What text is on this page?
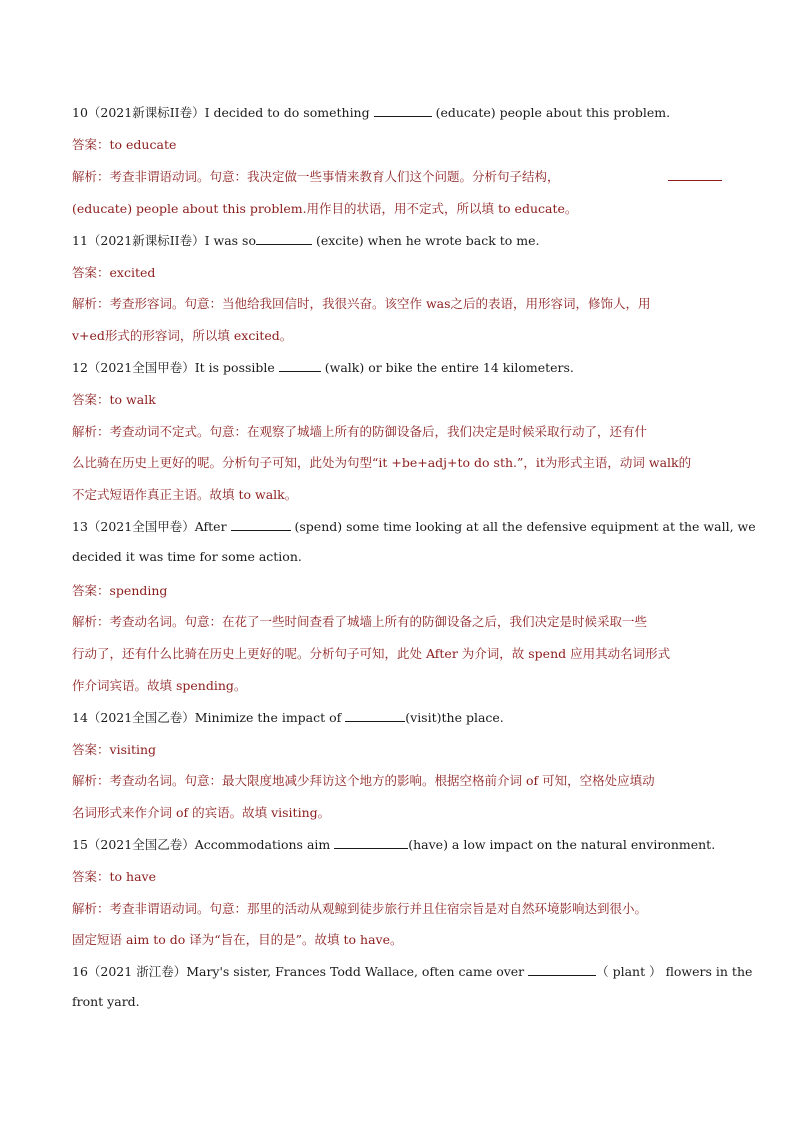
10（2021新课标II卷）I decided to do something	(educate) people about this problem.
答案：to educate
解析：考查非谓语动词。句意：我决定做一些事情来教育人们这个问题。分析句子结构，
(educate) people about this problem.用作目的状语，用不定式，所以填 to educate。
11（2021新课标II卷）I was so	(excite) when he wrote back to me.
答案：excited
解析：考查形容词。句意：当他给我回信时，我很兴奋。该空作 was之后的表语，用形容词，修饰人，用
v+ed形式的形容词，所以填 excited。
12（2021全国甲卷）It is possible	(walk) or bike the entire 14 kilometers.
答案：to walk
解析：考查动词不定式。句意：在观察了城墙上所有的防御设备后，我们决定是时候采取行动了，还有什
么比骑在历史上更好的呢。分析句子可知，此处为句型“it +be+adj+to do sth.”，it为形式主语，动词 walk的
不定式短语作真正主语。故填 to walk。
13（2021全国甲卷）After	(spend) some time looking at all the defensive equipment at the wall, we
decided it was time for some action.
答案：spending
解析：考查动名词。句意：在花了一些时间查看了城墙上所有的防御设备之后，我们决定是时候采取一些
行动了，还有什么比骑在历史上更好的呢。分析句子可知，此处 After 为介词，故 spend 应用其动名词形式
作介词宾语。故填 spending。
14（2021全国乙卷）Minimize the impact of	(visit)the place.
答案：visiting
解析：考查动名词。句意：最大限度地减少拜访这个地方的影响。根据空格前介词 of 可知，空格处应填动
名词形式来作介词 of 的宾语。故填 visiting。
15（2021全国乙卷）Accommodations aim	(have) a low impact on the natural environment.
答案：to have
解析：考查非谓语动词。句意：那里的活动从观鲸到徒步旅行并且住宿宗旨是对自然环境影响达到很小。
固定短语 aim to do 译为“旨在，目的是”。故填 to have。
16（2021 浙江卷）Mary's sister, Frances Todd Wallace, often came over	（ plant ） flowers in the
front yard.
